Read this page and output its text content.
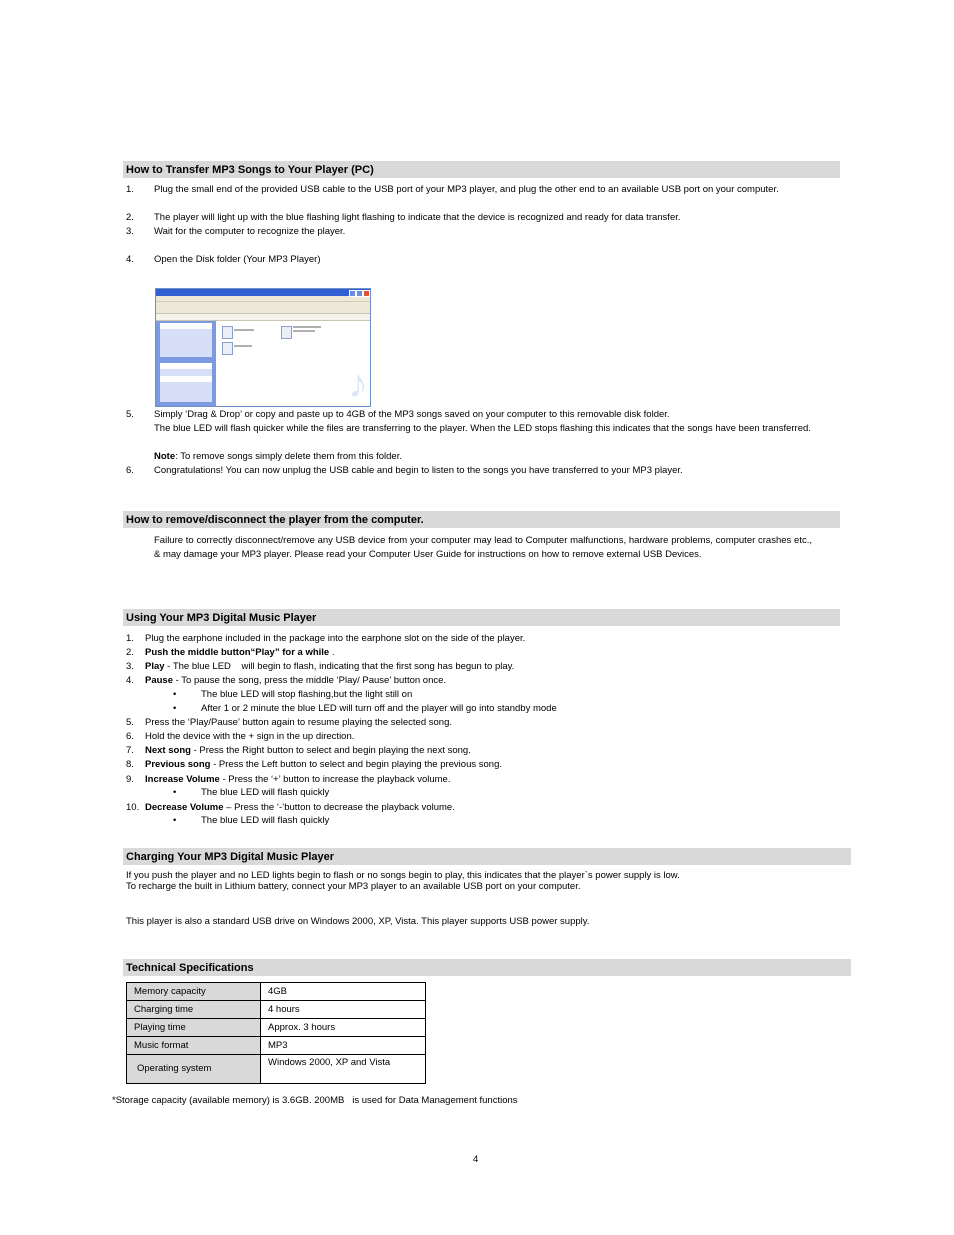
How to Transfer MP3 Songs to Your Player (PC)
1. Plug the small end of the provided USB cable to the USB port of your MP3 player, and plug the other end to an available USB port on your computer.
2. The player will light up with the blue flashing light flashing to indicate that the device is recognized and ready for data transfer.
3. Wait for the computer to recognize the player.
4. Open the Disk folder (Your MP3 Player)
♪
5. Simply ‘Drag & Drop’ or copy and paste up to 4GB of the MP3 songs saved on your computer to this removable disk folder.
The blue LED will flash quicker while the files are transferring to the player. When the LED stops flashing this indicates that the songs have been transferred.
Note: To remove songs simply delete them from this folder.
6. Congratulations! You can now unplug the USB cable and begin to listen to the songs you have transferred to your MP3 player.
How to remove/disconnect the player from the computer.
Failure to correctly disconnect/remove any USB device from your computer may lead to Computer malfunctions, hardware problems, computer crashes etc., & may damage your MP3 player. Please read your Computer User Guide for instructions on how to remove external USB Devices.
Using Your MP3 Digital Music Player
1. Plug the earphone included in the package into the earphone slot on the side of the player.
2. Push the middle button“Play” for a while .
3. Play - The blue LED    will begin to flash, indicating that the first song has begun to play.
4. Pause - To pause the song, press the middle ‘Play/ Pause’ button once.
•	The blue LED will stop flashing,but the light still on
•	After 1 or 2 minute the blue LED will turn off and the player will go into standby mode
5. Press the ‘Play/Pause’ button again to resume playing the selected song.
6. Hold the device with the + sign in the up direction.
7. Next song - Press the Right button to select and begin playing the next song.
8. Previous song - Press the Left button to select and begin playing the previous song.
9. Increase Volume - Press the ‘+’ button to increase the playback volume.
•	The blue LED will flash quickly
10. Decrease Volume – Press the ‘-’button to decrease the playback volume.
•	The blue LED will flash quickly
Charging Your MP3 Digital Music Player
If you push the player and no LED lights begin to flash or no songs begin to play, this indicates that the player`s power supply is low.
To recharge the built in Lithium battery, connect your MP3 player to an available USB port on your computer.
This player is also a standard USB drive on Windows 2000, XP, Vista. This player supports USB power supply.
Technical Specifications
Memory capacity	4GB
Charging time	4 hours
Playing time	Approx. 3 hours
Music format	MP3
Operating system	Windows 2000, XP and Vista
*Storage capacity (available memory) is 3.6GB. 200MB   is used for Data Management functions
4
